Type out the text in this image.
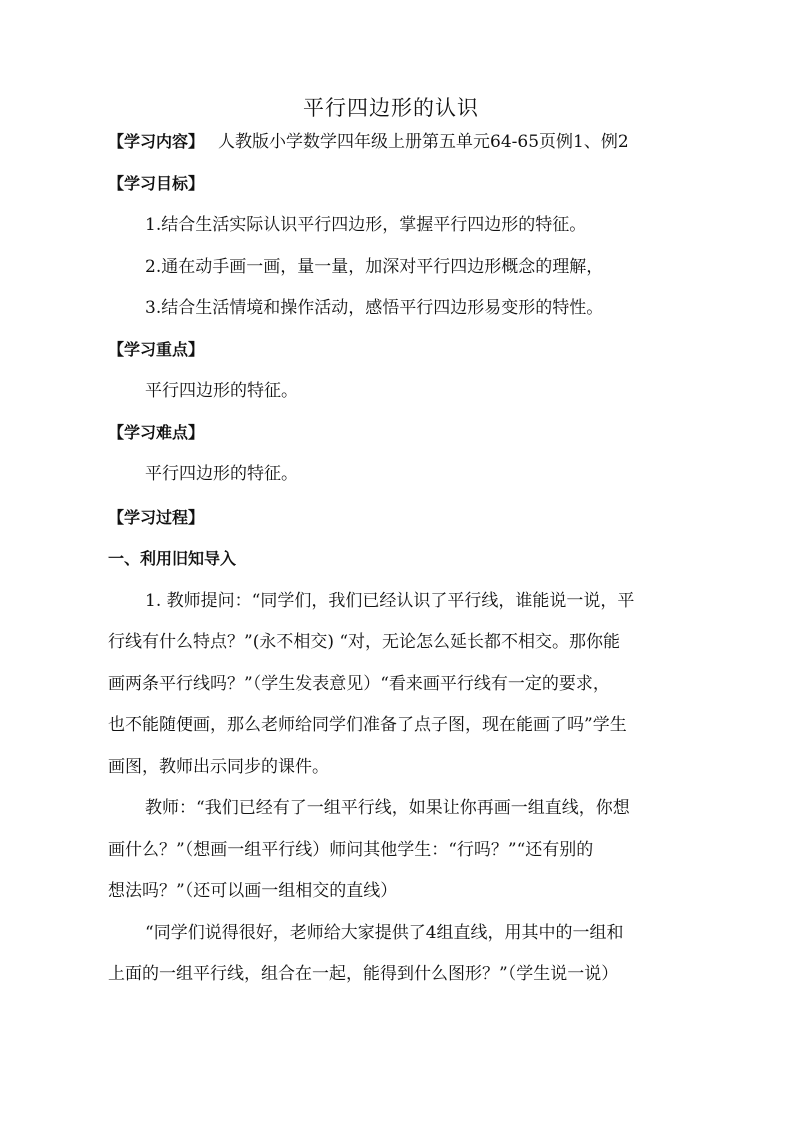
平行四边形的认识
【学习内容】 人教版小学数学四年级上册第五单元64-65页例1、例2
【学习目标】
1.结合生活实际认识平行四边形，掌握平行四边形的特征。
2.通在动手画一画，量一量，加深对平行四边形概念的理解，
3.结合生活情境和操作活动，感悟平行四边形易变形的特性。
【学习重点】
平行四边形的特征。
【学习难点】
平行四边形的特征。
【学习过程】
一、利用旧知导入
1. 教师提问：“同学们，我们已经认识了平行线，谁能说一说，平
行线有什么特点？”(永不相交) “对，无论怎么延长都不相交。那你能
画两条平行线吗？”（学生发表意见）“看来画平行线有一定的要求，
也不能随便画，那么老师给同学们准备了点子图，现在能画了吗”学生
画图，教师出示同步的课件。
教师：“我们已经有了一组平行线，如果让你再画一组直线，你想
画什么？”（想画一组平行线）师问其他学生：“行吗？”“还有别的
想法吗？”（还可以画一组相交的直线）
“同学们说得很好，老师给大家提供了4组直线，用其中的一组和
上面的一组平行线，组合在一起，能得到什么图形？”（学生说一说）
